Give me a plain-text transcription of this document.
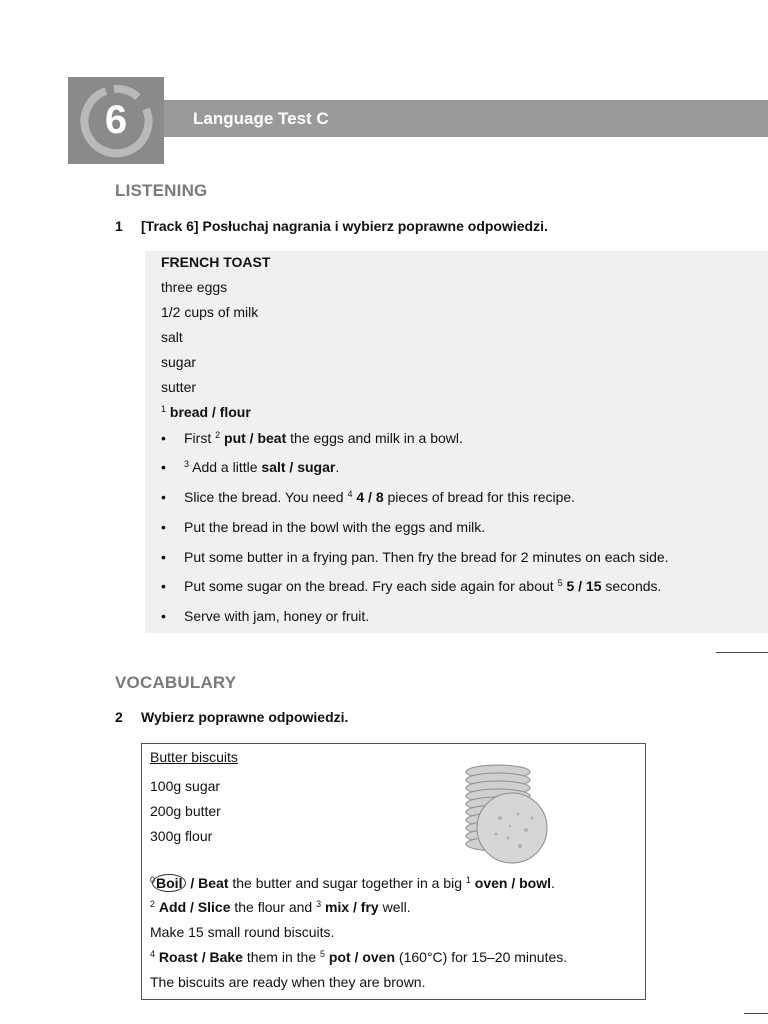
6	Language Test C
LISTENING
1 [Track 6] Posłuchaj nagrania i wybierz poprawne odpowiedzi.
FRENCH TOAST
three eggs
1/2 cups of milk
salt
sugar
sutter
$^1$ bread / flour
• First $^2$ put / beat the eggs and milk in a bowl.
• $^3$ Add a little salt / sugar.
• Slice the bread. You need $^4$ 4 / 8 pieces of bread for this recipe.
• Put the bread in the bowl with the eggs and milk.
• Put some butter in a frying pan. Then fry the bread for 2 minutes on each side.
• Put some sugar on the bread. Fry each side again for about $^5$ 5 / 15 seconds.
• Serve with jam, honey or fruit.
VOCABULARY
2 Wybierz poprawne odpowiedzi.
Butter biscuits
100g sugar
200g butter
300g flour
$^0$Boil / Beat the butter and sugar together in a big $^1$ oven / bowl.
$^2$ Add / Slice the flour and $^3$ mix / fry well.
Make 15 small round biscuits.
$^4$ Roast / Bake them in the $^5$ pot / oven (160°C) for 15–20 minutes.
The biscuits are ready when they are brown.
